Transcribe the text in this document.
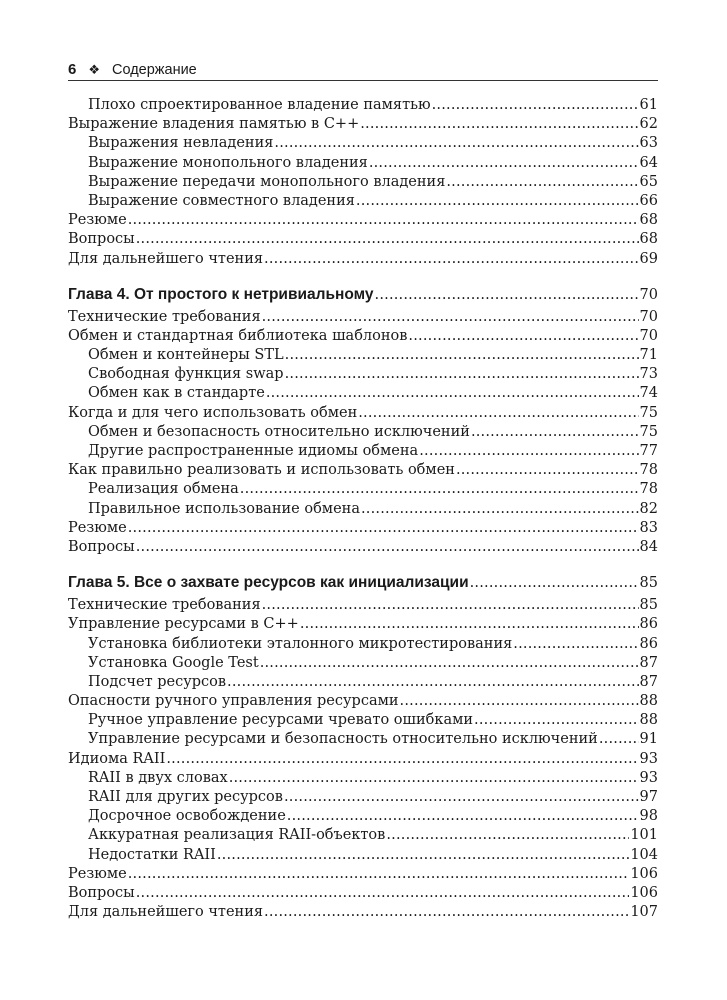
6 ❖ Содержание
Плохо спроектированное владение памятью .....	61
Выражение владения памятью в C++ .....	62
Выражения невладения .....	63
Выражение монопольного владения .....	64
Выражение передачи монопольного владения .....	65
Выражение совместного владения .....	66
Резюме .....	68
Вопросы .....	68
Для дальнейшего чтения .....	69
Глава 4. От простого к нетривиальному .....	70
Технические требования .....	70
Обмен и стандартная библиотека шаблонов .....	70
Обмен и контейнеры STL .....	71
Свободная функция swap .....	73
Обмен как в стандарте .....	74
Когда и для чего использовать обмен .....	75
Обмен и безопасность относительно исключений .....	75
Другие распространенные идиомы обмена .....	77
Как правильно реализовать и использовать обмен .....	78
Реализация обмена .....	78
Правильное использование обмена .....	82
Резюме .....	83
Вопросы .....	84
Глава 5. Все о захвате ресурсов как инициализации .....	85
Технические требования .....	85
Управление ресурсами в C++ .....	86
Установка библиотеки эталонного микротестирования .....	86
Установка Google Test .....	87
Подсчет ресурсов .....	87
Опасности ручного управления ресурсами .....	88
Ручное управление ресурсами чревато ошибками .....	88
Управление ресурсами и безопасность относительно исключений .....	91
Идиома RAII .....	93
RAII в двух словах .....	93
RAII для других ресурсов .....	97
Досрочное освобождение .....	98
Аккуратная реализация RAII-объектов .....	101
Недостатки RAII .....	104
Резюме .....	106
Вопросы .....	106
Для дальнейшего чтения .....	107
